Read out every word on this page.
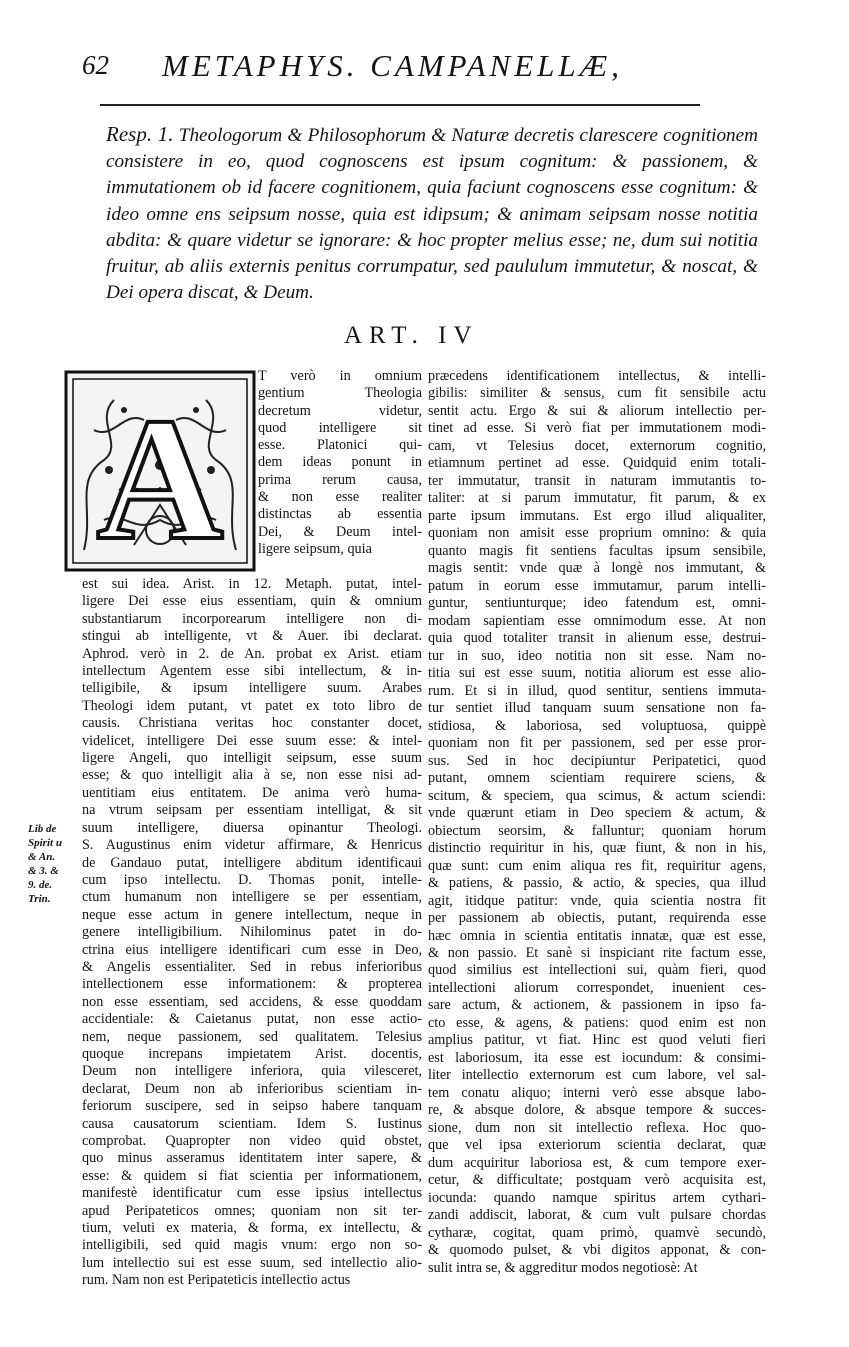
62 METAPHYS. CAMPANELLÆ,
Resp. 1. Theologorum & Philosophorum & Naturæ decretis clarescere cognitionem consistere in eo, quod cognoscens est ipsum cognitum: & passionem, & immutationem ob id facere cognitionem, quia faciunt cognoscens esse cognitum: & ideo omne ens seipsum nosse, quia est idipsum; & animam seipsam nosse notitia abdita: & quare videtur se ignorare: & hoc propter melius esse; ne, dum sui notitia fruitur, ab aliis externis penitus corrumpatur, sed paululum immutetur, & noscat, & Dei opera discat, & Deum.
ART. IV
A
T verò in omnium
gentium Theologia
decretum videtur,
quod intelligere sit
esse. Platonici qui-
dem ideas ponunt in
prima rerum causa,
& non esse realiter
distinctas ab essentia
Dei, & Deum intel-
ligere seipsum, quia
est sui idea. Arist. in 12. Metaph. putat, intel-
ligere Dei esse eius essentiam, quin & omnium
substantiarum incorporearum intelligere non di-
stingui ab intelligente, vt & Auer. ibi declarat.
Aphrod. verò in 2. de An. probat ex Arist. etiam
intellectum Agentem esse sibi intellectum, & in-
telligibile, & ipsum intelligere suum. Arabes
Theologi idem putant, vt patet ex toto libro de
causis. Christiana veritas hoc constanter docet,
videlicet, intelligere Dei esse suum esse: & intel-
ligere Angeli, quo intelligit seipsum, esse suum
esse; & quo intelligit alia à se, non esse nisi ad-
uentitiam eius entitatem. De anima verò huma-
na vtrum seipsam per essentiam intelligat, & sit
suum intelligere, diuersa opinantur Theologi.
S. Augustinus enim videtur affirmare, & Henricus
de Gandauo putat, intelligere abditum identificaui
cum ipso intellectu. D. Thomas ponit, intelle-
ctum humanum non intelligere se per essentiam,
neque esse actum in genere intellectum, neque in
genere intelligibilium. Nihilominus patet in do-
ctrina eius intelligere identificari cum esse in Deo,
& Angelis essentialiter. Sed in rebus inferioribus
intellectionem esse informationem: & propterea
non esse essentiam, sed accidens, & esse quoddam
accidentiale: & Caietanus putat, non esse actio-
nem, neque passionem, sed qualitatem. Telesius
quoque increpans impietatem Arist. docentis,
Deum non intelligere inferiora, quia vilesceret,
declarat, Deum non ab inferioribus scientiam in-
feriorum suscipere, sed in seipso habere tanquam
causa causatorum scientiam. Idem S. Iustinus
comprobat. Quapropter non video quid obstet,
quo minus asseramus identitatem inter sapere, &
esse: & quidem si fiat scientia per informationem,
manifestè identificatur cum esse ipsius intellectus
apud Peripateticos omnes; quoniam non sit ter-
tium, veluti ex materia, & forma, ex intellectu, &
intelligibili, sed quid magis vnum: ergo non so-
lum intellectio sui est esse suum, sed intellectio alio-
rum. Nam non est Peripateticis intellectio actus
præcedens identificationem intellectus, & intelli-
gibilis: similiter & sensus, cum fit sensibile actu
sentit actu. Ergo & sui & aliorum intellectio per-
tinet ad esse. Si verò fiat per immutationem modi-
cam, vt Telesius docet, externorum cognitio,
etiamnum pertinet ad esse. Quidquid enim totali-
ter immutatur, transit in naturam immutantis to-
taliter: at si parum immutatur, fit parum, & ex
parte ipsum immutans. Est ergo illud aliqualiter,
quoniam non amisit esse proprium omnino: & quia
quanto magis fit sentiens facultas ipsum sensibile,
magis sentit: vnde quæ à longè nos immutant, &
patum in eorum esse immutamur, parum intelli-
guntur, sentiunturque; ideo fatendum est, omni-
modam sapientiam esse omnimodum esse. At non
quia quod totaliter transit in alienum esse, destrui-
tur in suo, ideo notitia non sit esse. Nam no-
titia sui est esse suum, notitia aliorum est esse alio-
rum. Et si in illud, quod sentitur, sentiens immuta-
tur sentiet illud tanquam suum sensatione non fa-
stidiosa, & laboriosa, sed voluptuosa, quippè
quoniam non fit per passionem, sed per esse pror-
sus. Sed in hoc decipiuntur Peripatetici, quod
putant, omnem scientiam requirere sciens, &
scitum, & speciem, qua scimus, & actum sciendi:
vnde quærunt etiam in Deo speciem & actum, &
obiectum seorsim, & falluntur; quoniam horum
distinctio requiritur in his, quæ fiunt, & non in his,
quæ sunt: cum enim aliqua res fit, requiritur agens,
& patiens, & passio, & actio, & species, qua illud
agit, itidque patitur: vnde, quia scientia nostra fit
per passionem ab obiectis, putant, requirenda esse
hæc omnia in scientia entitatis innatæ, quæ est esse,
& non passio. Et sanè si inspiciant rite factum esse,
quod similius est intellectioni sui, quàm fieri, quod
intellectioni aliorum correspondet, inuenient ces-
sare actum, & actionem, & passionem in ipso fa-
cto esse, & agens, & patiens: quod enim est non
amplius patitur, vt fiat. Hinc est quod veluti fieri
est laboriosum, ita esse est iocundum: & consimi-
liter intellectio externorum est cum labore, vel sal-
tem conatu aliquo; interni verò esse absque labo-
re, & absque dolore, & absque tempore & succes-
sione, dum non sit intellectio reflexa. Hoc quo-
que vel ipsa exteriorum scientia declarat, quæ
dum acquiritur laboriosa est, & cum tempore exer-
cetur, & difficultate; postquam verò acquisita est,
iocunda: quando namque spiritus artem cythari-
zandi addiscit, laborat, & cum vult pulsare chordas
cytharæ, cogitat, quam primò, quamvè secundò,
& quomodo pulset, & vbi digitos apponat, & con-
sulit intra se, & aggreditur modos negotiosè: At
Lib de
Spirit u
& An.
& 3. &
9. de.
Trin.
